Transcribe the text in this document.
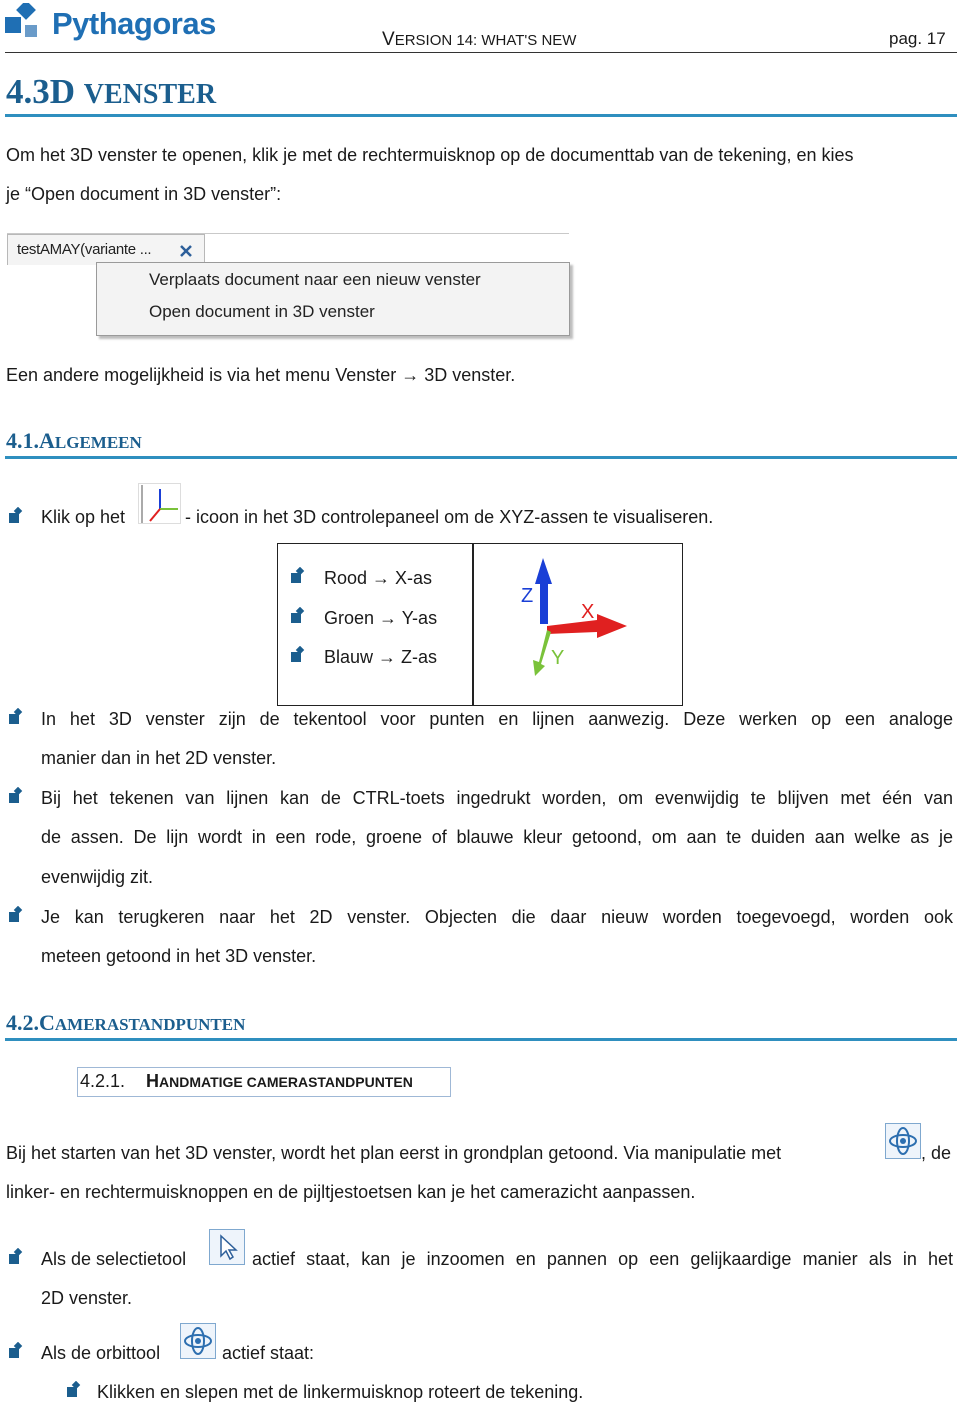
Pythagoras	VERSION 14: WHAT'S NEW	pag. 17
4.3D VENSTER
Om het 3D venster te openen, klik je met de rechtermuisknop op de documenttab van de tekening, en kies
je “Open document in 3D venster”:
testAMAY(variante ...
Verplaats document naar een nieuw venster
Open document in 3D venster
Een andere mogelijkheid is via het menu Venster → 3D venster.
4.1.ALGEMEEN
Klik op het	- icoon in het 3D controlepaneel om de XYZ-assen te visualiseren.
Rood → X-as
Groen → Y-as
Blauw → Z-as
Z
X
Y
In het 3D venster zijn de tekentool voor punten en lijnen aanwezig. Deze werken op een analoge
manier dan in het 2D venster.
Bij het tekenen van lijnen kan de CTRL-toets ingedrukt worden, om evenwijdig te blijven met één van
de assen. De lijn wordt in een rode, groene of blauwe kleur getoond, om aan te duiden aan welke as je
evenwijdig zit.
Je kan terugkeren naar het 2D venster. Objecten die daar nieuw worden toegevoegd, worden ook
meteen getoond in het 3D venster.
4.2.CAMERASTANDPUNTEN
4.2.1. HANDMATIGE CAMERASTANDPUNTEN
Bij het starten van het 3D venster, wordt het plan eerst in grondplan getoond. Via manipulatie met	, de
linker- en rechtermuisknoppen en de pijltjestoetsen kan je het camerazicht aanpassen.
Als de selectietool	actief staat, kan je inzoomen en pannen op een gelijkaardige manier als in het
2D venster.
Als de orbittool	actief staat:
Klikken en slepen met de linkermuisknop roteert de tekening.
